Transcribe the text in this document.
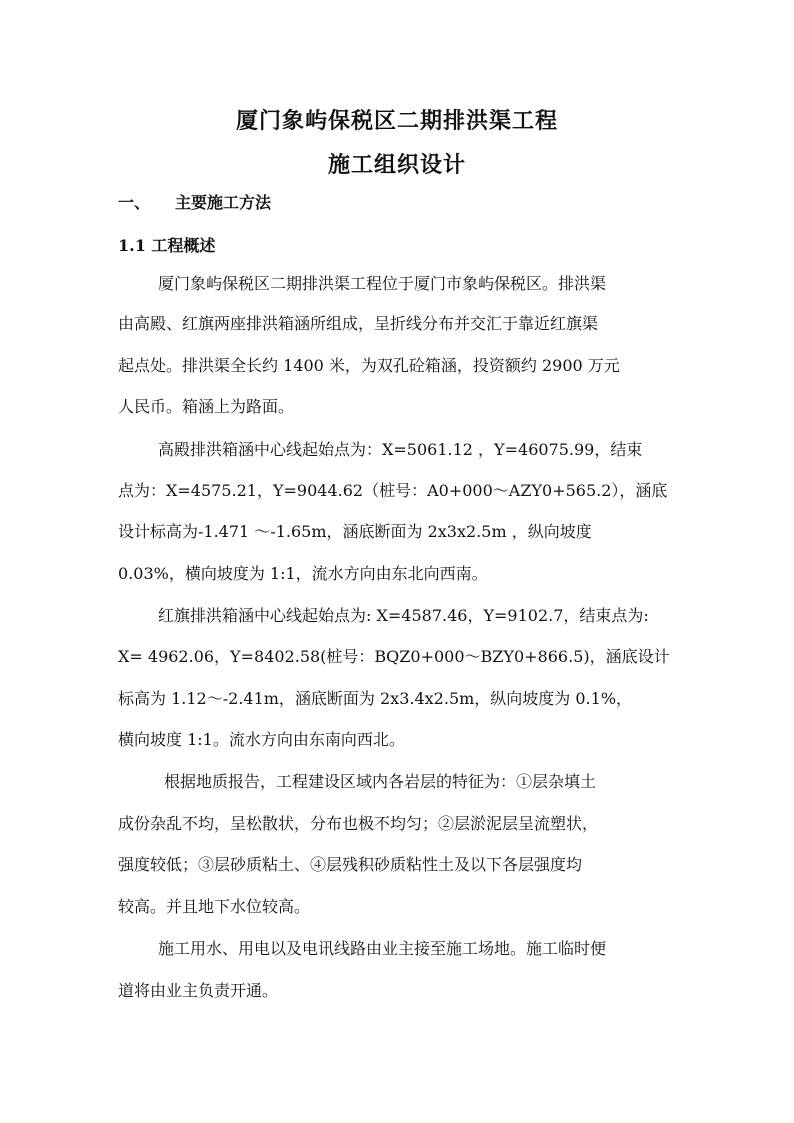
厦门象屿保税区二期排洪渠工程
施工组织设计
一、 主要施工方法
1.1 工程概述
厦门象屿保税区二期排洪渠工程位于厦门市象屿保税区。排洪渠
由高殿、红旗两座排洪箱涵所组成，呈折线分布并交汇于靠近红旗渠
起点处。排洪渠全长约 1400 米，为双孔砼箱涵，投资额约 2900 万元
人民币。箱涵上为路面。
高殿排洪箱涵中心线起始点为：X=5061.12 ，Y=46075.99，结束
点为：X=4575.21，Y=9044.62（桩号：A0+000～AZY0+565.2），涵底
设计标高为-1.471 ～-1.65m，涵底断面为 2x3x2.5m ，纵向坡度
0.03%，横向坡度为 1:1，流水方向由东北向西南。
红旗排洪箱涵中心线起始点为: X=4587.46，Y=9102.7，结束点为:
X= 4962.06，Y=8402.58(桩号：BQZ0+000～BZY0+866.5)，涵底设计
标高为 1.12～-2.41m，涵底断面为 2x3.4x2.5m，纵向坡度为 0.1%，
横向坡度 1:1。流水方向由东南向西北。
根据地质报告，工程建设区域内各岩层的特征为：①层杂填土
成份杂乱不均，呈松散状，分布也极不均匀；②层淤泥层呈流塑状，
强度较低；③层砂质粘土、④层残积砂质粘性土及以下各层强度均
较高。并且地下水位较高。
施工用水、用电以及电讯线路由业主接至施工场地。施工临时便
道将由业主负责开通。
